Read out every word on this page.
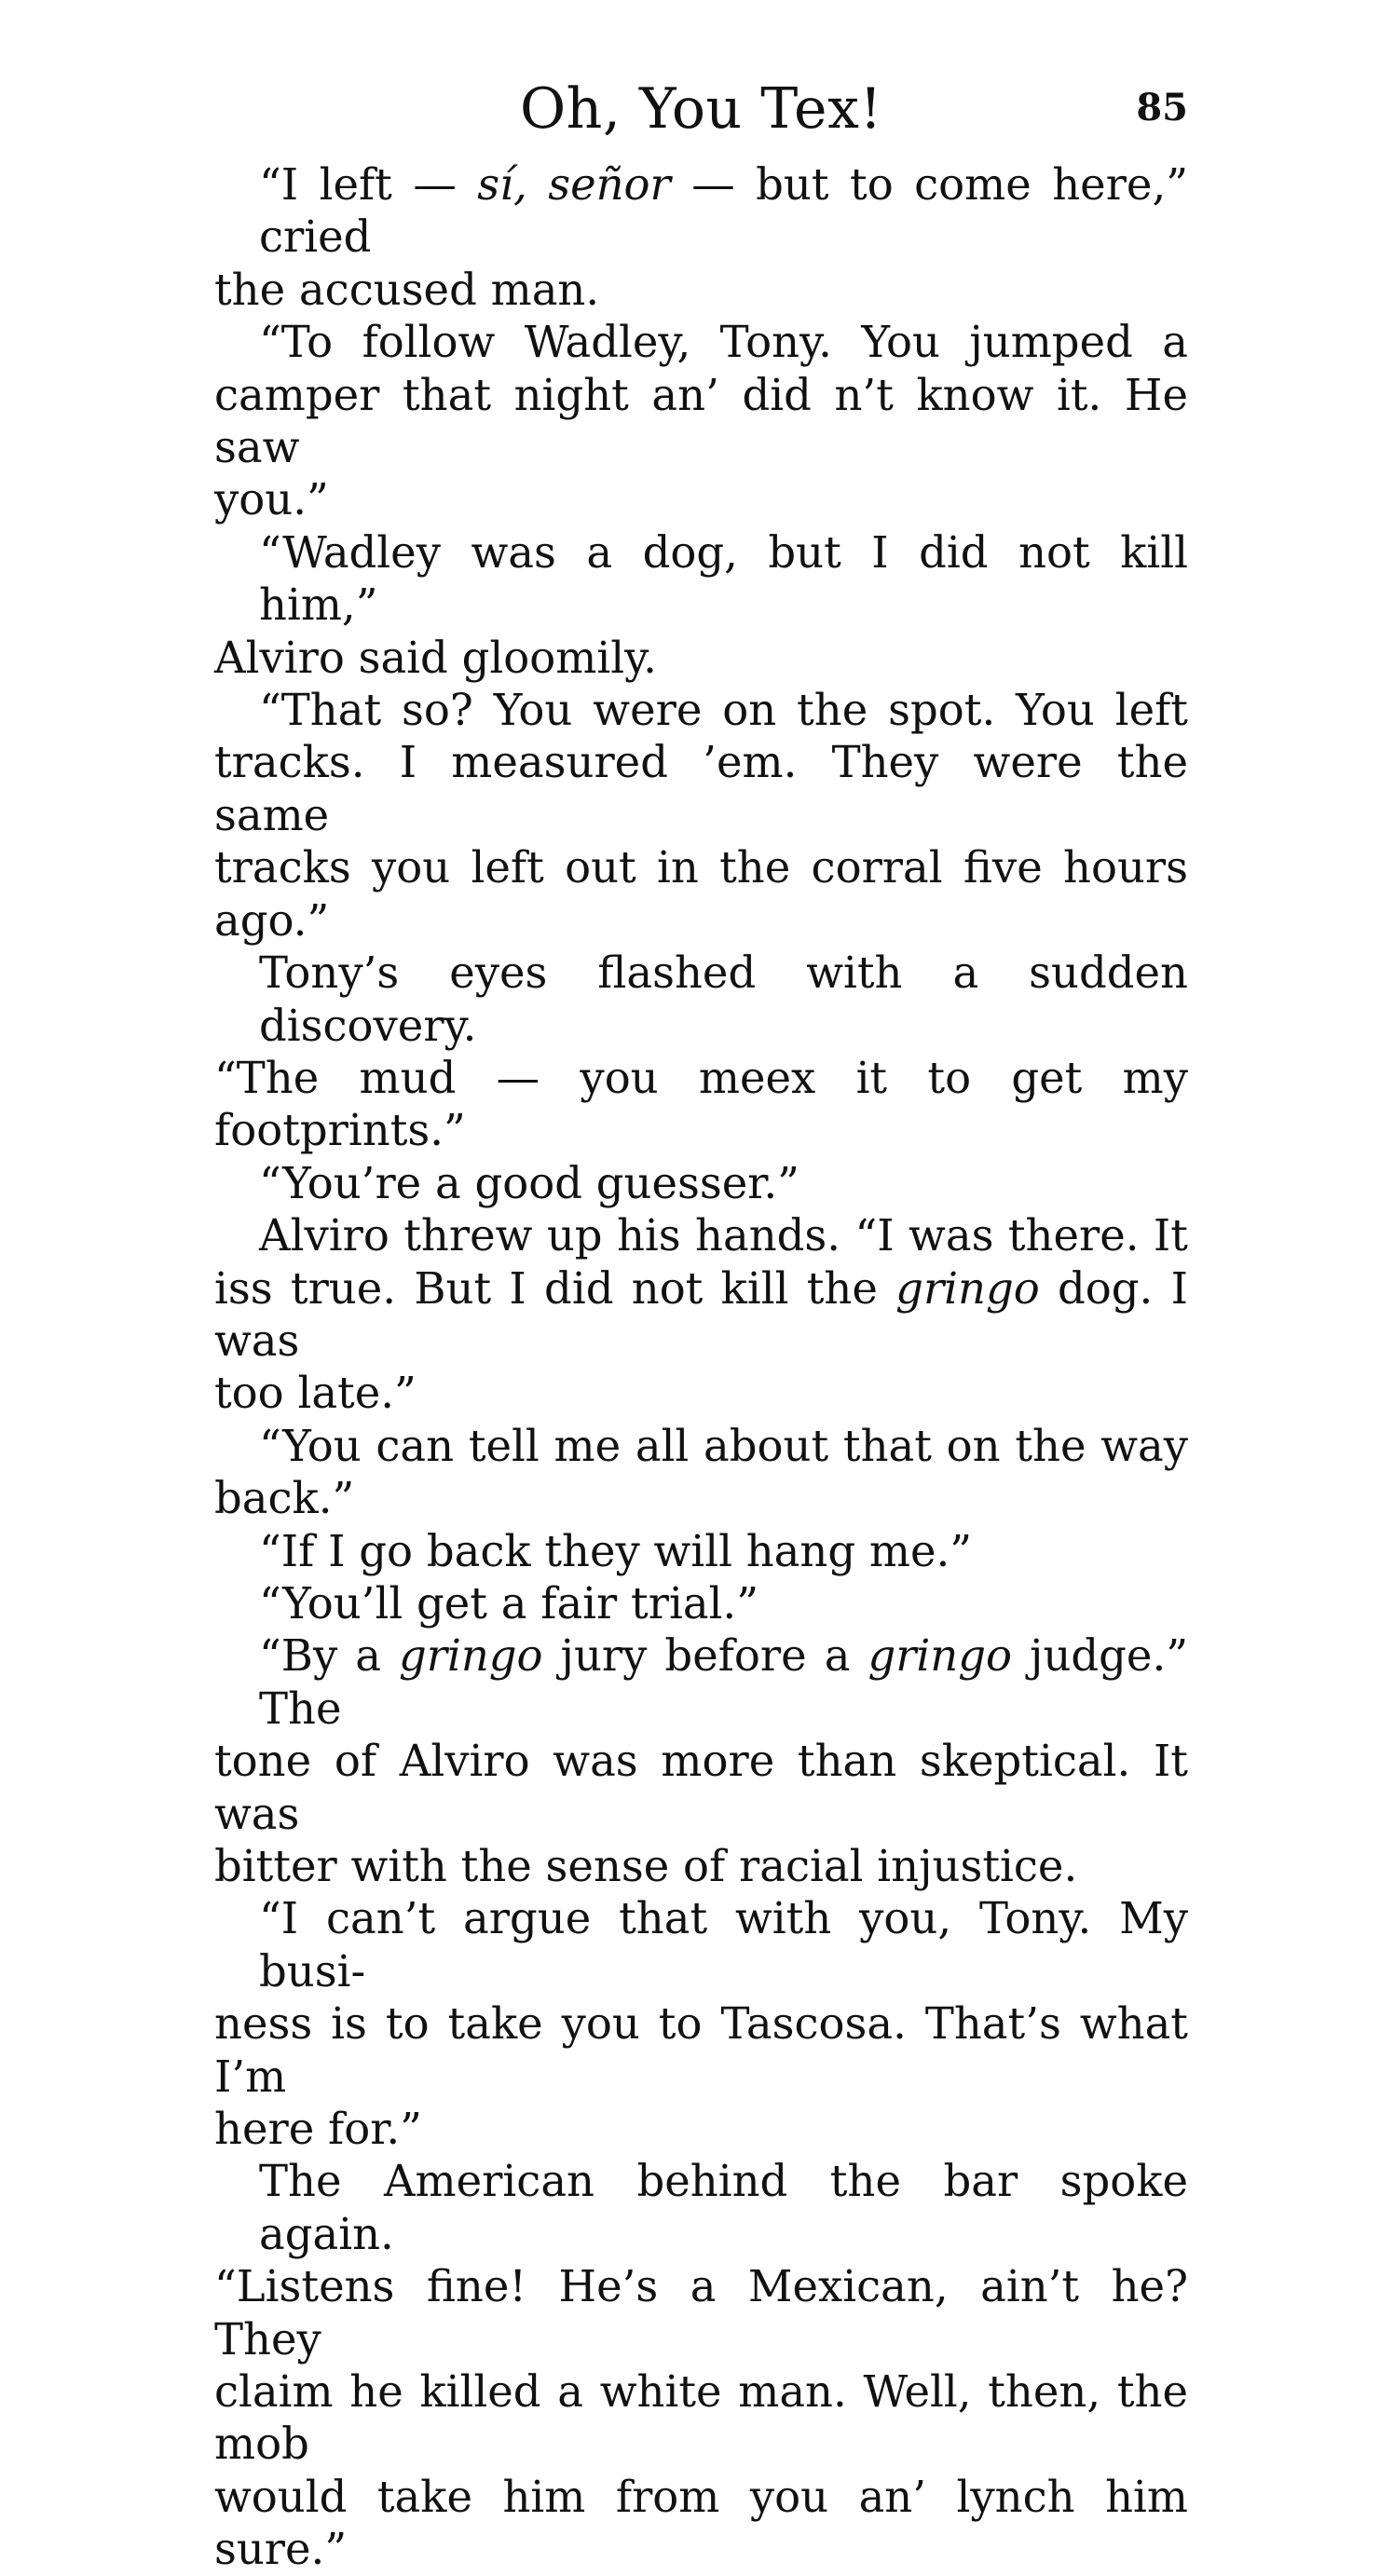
Oh, You Tex!	85
“I left — sí, señor — but to come here,” cried
the accused man.
“To follow Wadley, Tony. You jumped a
camper that night an’ did n’t know it. He saw
you.”
“Wadley was a dog, but I did not kill him,”
Alviro said gloomily.
“That so? You were on the spot. You left
tracks. I measured ’em. They were the same
tracks you left out in the corral five hours ago.”
Tony’s eyes flashed with a sudden discovery.
“The mud — you meex it to get my footprints.”
“You’re a good guesser.”
Alviro threw up his hands. “I was there. It
iss true. But I did not kill the gringo dog. I was
too late.”
“You can tell me all about that on the way
back.”
“If I go back they will hang me.”
“You’ll get a fair trial.”
“By a gringo jury before a gringo judge.” The
tone of Alviro was more than skeptical. It was
bitter with the sense of racial injustice.
“I can’t argue that with you, Tony. My busi-
ness is to take you to Tascosa. That’s what I’m
here for.”
The American behind the bar spoke again.
“Listens fine! He’s a Mexican, ain’t he? They
claim he killed a white man. Well, then, the mob
would take him from you an’ lynch him sure.”
